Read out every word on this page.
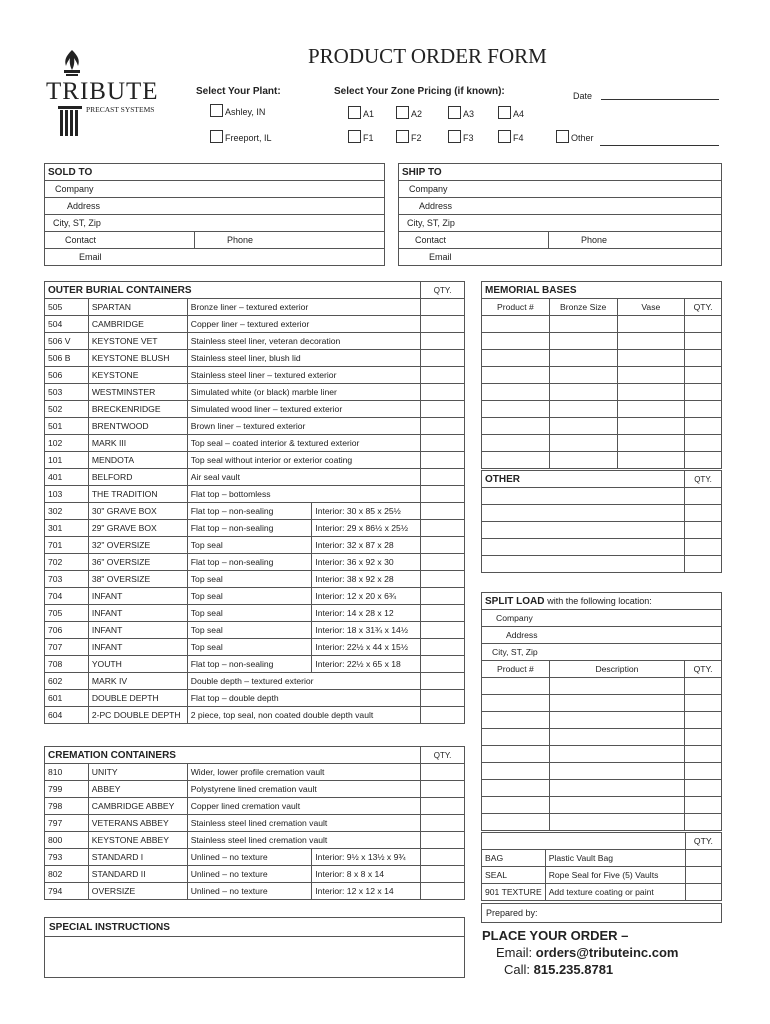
TRIBUTE
PRECAST SYSTEMS
PRODUCT ORDER FORM
Select Your Plant:	Select Your Zone Pricing (if known):	Date
Ashley, IN
Freeport, IL
A1	A2	A3	A4
F1	F2	F3	F4	Other
SOLD TO
Company
Address
City, ST, Zip
Contact	Phone
Email
SHIP TO
Company
Address
City, ST, Zip
Contact	Phone
Email
OUTER BURIAL CONTAINERS				QTY.
505	SPARTAN	Bronze liner – textured exterior		
504	CAMBRIDGE	Copper liner – textured exterior		
506 V	KEYSTONE VET	Stainless steel liner, veteran decoration		
506 B	KEYSTONE BLUSH	Stainless steel liner, blush lid		
506	KEYSTONE	Stainless steel liner – textured exterior		
503	WESTMINSTER	Simulated white (or black) marble liner		
502	BRECKENRIDGE	Simulated wood liner – textured exterior		
501	BRENTWOOD	Brown liner – textured exterior		
102	MARK III	Top seal – coated interior & textured exterior		
101	MENDOTA	Top seal without interior or exterior coating		
401	BELFORD	Air seal vault		
103	THE TRADITION	Flat top – bottomless		
302	30" GRAVE BOX	Flat top – non-sealing	Interior: 30 x 85 x 25½	
301	29" GRAVE BOX	Flat top – non-sealing	Interior: 29 x 86½ x 25½	
701	32" OVERSIZE	Top seal	Interior: 32 x 87 x 28	
702	36" OVERSIZE	Flat top – non-sealing	Interior: 36 x 92 x 30	
703	38" OVERSIZE	Top seal	Interior: 38 x 92 x 28	
704	INFANT	Top seal	Interior: 12 x 20 x 6¾	
705	INFANT	Top seal	Interior: 14 x 28 x 12	
706	INFANT	Top seal	Interior: 18 x 31¾ x 14½	
707	INFANT	Top seal	Interior: 22½ x 44 x 15½	
708	YOUTH	Flat top – non-sealing	Interior: 22½ x 65 x 18	
602	MARK IV	Double depth – textured exterior		
601	DOUBLE DEPTH	Flat top – double depth		
604	2-PC DOUBLE DEPTH	2 piece, top seal, non coated double depth vault		
CREMATION CONTAINERS				QTY.
810	UNITY	Wider, lower profile cremation vault		
799	ABBEY	Polystyrene lined cremation vault		
798	CAMBRIDGE ABBEY	Copper lined cremation vault		
797	VETERANS ABBEY	Stainless steel lined cremation vault		
800	KEYSTONE ABBEY	Stainless steel lined cremation vault		
793	STANDARD I	Unlined – no texture	Interior: 9½ x 13½ x 9¾	
802	STANDARD II	Unlined – no texture	Interior: 8 x 8 x 14	
794	OVERSIZE	Unlined – no texture	Interior: 12 x 12 x 14	
SPECIAL INSTRUCTIONS
MEMORIAL BASES			
Product #	Bronze Size	Vase	QTY.

OTHER	QTY.

SPLIT LOAD with the following location:		
Company		
Address		
City, ST, Zip		
Product #	Description	QTY.

		QTY.
BAG	Plastic Vault Bag	
SEAL	Rope Seal for Five (5) Vaults	
901 TEXTURE	Add texture coating or paint	
Prepared by:
PLACE YOUR ORDER –
Email: orders@tributeinc.com
Call: 815.235.8781
